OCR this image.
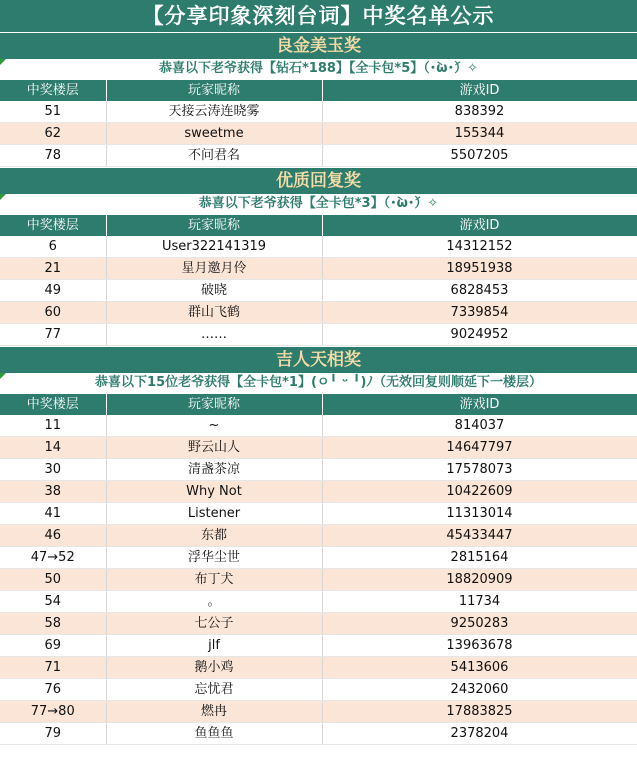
【分享印象深刻台词】中奖名单公示
良金美玉奖
恭喜以下老爷获得【钻石*188】【全卡包*5】（･̀ω･́）✧
中奖楼层	玩家昵称	游戏ID
51	天接云涛连晓雾	838392
62	sweetme	155344
78	不问君名	5507205
优质回复奖
恭喜以下老爷获得【全卡包*3】（･̀ω･́）✧
中奖楼层	玩家昵称	游戏ID
6	User322141319	14312152
21	星月邀月伶	18951938
49	破晓	6828453
60	群山飞鹤	7339854
77	……	9024952
吉人天相奖
恭喜以下15位老爷获得【全卡包*1】(ㅇ╹ ᵕ ╹)ﾉ（无效回复则顺延下一楼层）
中奖楼层	玩家昵称	游戏ID
11	~	814037
14	野云山人	14647797
30	清盏茶凉	17578073
38	Why Not	10422609
41	Listener	11313014
46	东都	45433447
47→52	浮华尘世	2815164
50	布丁犬	18820909
54	。	11734
58	七公子	9250283
69	jlf	13963678
71	鹅小鸡	5413606
76	忘忧君	2432060
77→80	燃冉	17883825
79	鱼鱼鱼	2378204
